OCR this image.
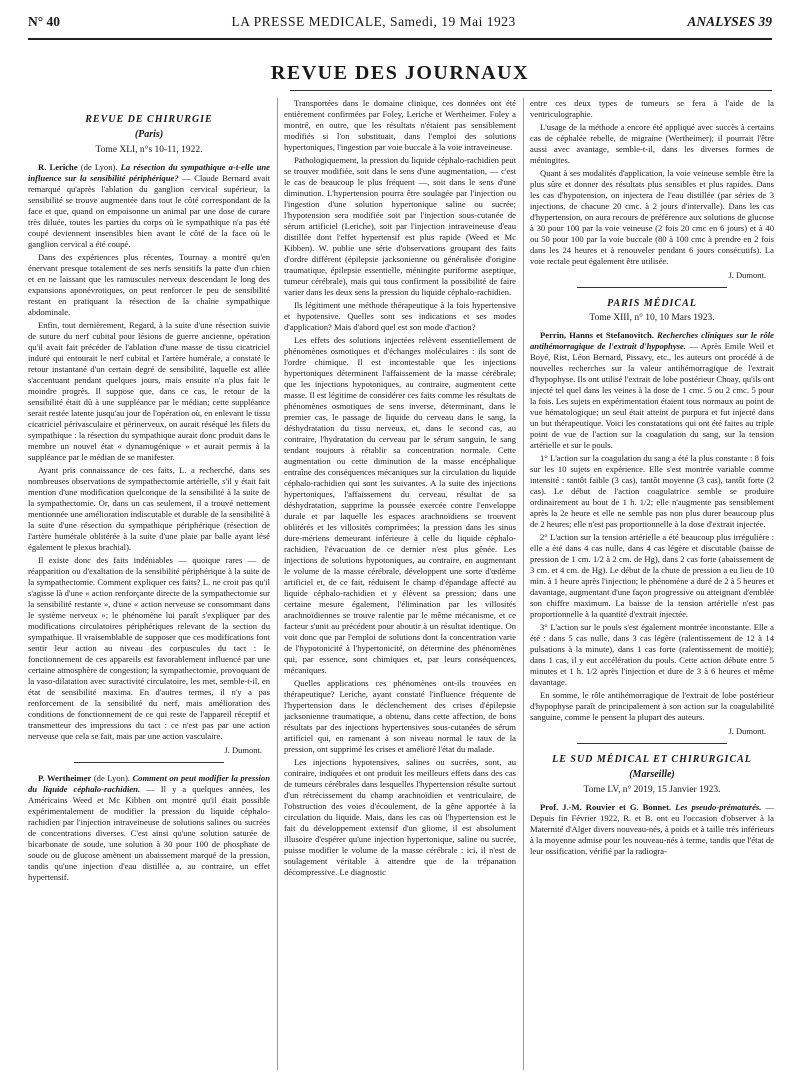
N° 40	LA PRESSE MEDICALE, Samedi, 19 Mai 1923	ANALYSES 39
REVUE DES JOURNAUX
REVUE DE CHIRURGIE
(Paris)
Tome XLI, n°s 10-11, 1922.

R. Leriche (de Lyon). La résection du sympathique a-t-elle une influence sur la sensibilité périphérique? — Claude Bernard avait remarqué qu'après l'ablation du ganglion cervical supérieur, la sensibilité se trouve augmentée dans tout le côté correspondant de la face et que, quand on empoisonne un animal par une dose de curare très diluée, toutes les parties du corps où le sympathique n'a pas été coupé deviennent insensibles bien avant le côté de la face où le ganglion cervical a été coupé.

Dans des expériences plus récentes, Tournay a montré qu'en énervant presque totalement de ses nerfs sensitifs la patte d'un chien et en ne laissant que les ramuscules nerveux descendant le long des expansions aponévrotiques, on peut renforcer le peu de sensibilité restant en pratiquant la résection de la chaîne sympathique abdominale.

Enfin, tout dernièrement, Regard, à la suite d'une résection suivie de suture du nerf cubital pour lésions de guerre ancienne, opération qu'il avait fait précéder de l'ablation d'une masse de tissu cicatriciel induré qui entourait le nerf cubital et l'artère humérale, a constaté le retour instantané d'un certain degré de sensibilité, laquelle est allée s'accentuant pendant quelques jours, mais ensuite n'a plus fait le moindre progrès. Il suppose que, dans ce cas, le retour de la sensibilité était dû à une suppléance par le médian; cette suppléance serait restée latente jusqu'au jour de l'opération où, en enlevant le tissu cicatriciel périvasculaire et périnerveux, on aurait réséqué les filets du sympathique : la résection du sympathique aurait donc produit dans le membre un nouvel état « dynamogénique » et aurait permis à la suppléance par le médian de se manifester.

Ayant pris connaissance de ces faits, L. a recherché, dans ses nombreuses observations de sympathectomie artérielle, s'il y était fait mention d'une modification quelconque de la sensibilité à la suite de la sympathectomie. Or, dans un cas seulement, il a trouvé nettement mentionnée une amélioration indiscutable et durable de la sensibilité à la suite d'une résection du sympathique périphérique (résection de l'artère humérale oblitérée à la suite d'une plaie par balle ayant lésé également le plexus brachial).

Il existe donc des faits indéniables — quoique rares — de réapparition ou d'exaltation de la sensibilité périphérique à la suite de la sympathectomie. Comment expliquer ces faits? L. ne croit pas qu'il s'agisse là d'une « action renforçante directe de la sympathectomie sur la sensibilité restante », d'une « action nerveuse se consommant dans le système nerveux »; le phénomène lui paraît s'expliquer par des modifications circulatoires périphériques relevant de la section du sympathique. Il vraisemblable de supposer que ces modifications font sentir leur action au niveau des corpuscules du tact : le fonctionnement de ces appareils est favorablement influencé par une certaine atmosphère de congestion; la sympathectomie, provoquant de la vaso-dilatation avec suractivité circulatoire, les met, semble-t-il, en état de sensibilité maxima. En d'autres termes, il n'y a pas renforcement de la sensibilité du nerf, mais amélioration des conditions de fonctionnement de ce qui reste de l'appareil réceptif et transmetteur des impressions du tact : ce n'est pas par une action nerveuse que cela se fait, mais par une action vasculaire.

J. Dumont.

P. Wertheimer (de Lyon). Comment on peut modifier la pression du liquide céphalo-rachidien. — Il y a quelques années, les Américains Weed et Mc Kibben ont montré qu'il était possible expérimentalement de modifier la pression du liquide céphalo-rachidien par l'injection intraveineuse de solutions salines ou sucrées de concentrations diverses. C'est ainsi qu'une solution saturée de bicarbonate de soude, une solution à 30 pour 100 de phosphate de soude ou de glucose amènent un abaissement marqué de la pression, tandis qu'une injection d'eau distillée a, au contraire, un effet hypertensif.

Transportées dans le domaine clinique, ces données ont été entièrement confirmées par Foley, Leriche et Wertheimer. Foley a montré, en outre, que les résultats n'étaient pas sensiblement modifiés si l'on substituait, dans l'emploi des solutions hypertoniques, l'ingestion par voie buccale à la voie intraveineuse.

Pathologiquement, la pression du liquide céphalo-rachidien peut se trouver modifiée, soit dans le sens d'une augmentation, — c'est le cas de beaucoup le plus fréquent —, soit dans le sens d'une diminution. L'hypertension pourra être soulagée par l'injection ou l'ingestion d'une solution hypertonique saline ou sucrée; l'hypotension sera modifiée soit par l'injection sous-cutanée de sérum artificiel (Leriche), soit par l'injection intraveineuse d'eau distillée dont l'effet hypertensif est plus rapide (Weed et Mc Kibben). W. publie une série d'observations groupant des faits d'ordre différent (épilepsie jacksonienne ou généralisée d'origine traumatique, épilepsie essentielle, méningite puriforme aseptique, tumeur cérébrale), mais qui tous confirment la possibilité de faire varier dans les deux sens la pression du liquide céphalo-rachidien.

Ils légitiment une méthode thérapeutique à la fois hypertensive et hypotensive. Quelles sont ses indications et ses modes d'application? Mais d'abord quel est son mode d'action?

Les effets des solutions injectées relèvent essentiellement de phénomènes osmotiques et d'échanges moléculaires : ils sont de l'ordre chimique. Il est incontestable que les injections hypertoniques déterminent l'affaissement de la masse cérébrale; que les injections hypotoniques, au contraire, augmentent cette masse. Il est légitime de considérer ces faits comme les résultats de phénomènes osmotiques de sens inverse, déterminant, dans le premier cas, le passage de liquide du cerveau dans le sang, la déshydratation du tissu nerveux, et, dans le second cas, au contraire, l'hydratation du cerveau par le sérum sanguin, le sang tendant toujours à rétablir sa concentration normale. Cette augmentation ou cette diminution de la masse encéphalique entraîne des conséquences mécaniques sur la circulation du liquide céphalo-rachidien qui sont les suivantes. A la suite des injections hypertoniques, l'affaissement du cerveau, résultat de sa déshydratation, supprime la poussée exercée contre l'enveloppe durale et par laquelle les espaces arachnoïdiens se trouvent oblitérés et les villosités comprimées; la pression dans les sinus dure-mériens demeurant inférieure à celle du liquide céphalo-rachidien, l'évacuation de ce dernier n'est plus gênée. Les injections de solutions hypotoniques, au contraire, en augmentant le volume de la masse cérébrale, développent une sorte d'œdème artificiel et, de ce fait, réduisent le champ d'épandage affecté au liquide céphalo-rachidien et y élèvent sa pression; dans une certaine mesure également, l'élimination par les villosités arachnoïdiennes se trouve ralentie par le même mécanisme, et ce facteur s'unit au précédent pour aboutir à un résultat identique. On voit donc que par l'emploi de solutions dont la concentration varie de l'hypotonicité à l'hypertonicité, on détermine des phénomènes qui, par essence, sont chimiques et, par leurs conséquences, mécaniques.

Quelles applications ces phénomènes ont-ils trouvées en thérapeutique? Leriche, ayant constaté l'influence fréquente de l'hypertension dans le déclenchement des crises d'épilepsie jacksonienne traumatique, a obtenu, dans cette affection, de bons résultats par des injections hypertensives sous-cutanées de sérum artificiel qui, en ramenant à son niveau normal le taux de la pression, ont supprimé les crises et amélioré l'état du malade.

Les injections hypotensives, salines ou sucrées, sont, au contraire, indiquées et ont produit les meilleurs effets dans des cas de tumeurs cérébrales dans lesquelles l'hypertension résulte surtout d'un rétrécissement du champ arachnoïdien et ventriculaire, de l'obstruction des voies d'écoulement, de la gêne apportée à la circulation du liquide. Mais, dans les cas où l'hypertension est le fait du développement extensif d'un gliome, il est absolument illusoire d'espérer qu'une injection hypertonique, saline ou sucrée, puisse modifier le volume de la masse cérébrale : ici, il n'est de soulagement véritable à attendre que de la trépanation décompressive. Le diagnostic

entre ces deux types de tumeurs se fera à l'aide de la ventriculographie.

L'usage de la méthode a encore été appliqué avec succès à certains cas de céphalée rebelle, de migraine (Wertheimer); il pourrait l'être aussi avec avantage, semble-t-il, dans les diverses formes de méningites.

Quant à ses modalités d'application, la voie veineuse semble être la plus sûre et donner des résultats plus sensibles et plus rapides. Dans les cas d'hypotension, on injectera de l'eau distillée (par séries de 3 injections, de chacune 20 cmc. à 2 jours d'intervalle). Dans les cas d'hypertension, on aura recours de préférence aux solutions de glucose à 30 pour 100 par la voie veineuse (2 fois 20 cmc en 6 jours) et à 40 ou 50 pour 100 par la voie buccale (80 à 100 cmc à prendre en 2 fois dans les 24 heures et à renouveler pendant 6 jours consécutifs). La voie rectale peut également être utilisée.

J. Dumont.
PARIS MÉDICAL
Tome XIII, n° 10, 10 Mars 1923.

Perrin, Hanns et Stefanovitch. Recherches cliniques sur le rôle antihémorragique de l'extrait d'hypophyse. — Après Emile Weil et Boyé, Rist, Léon Bernard, Pissavy, etc., les auteurs ont procédé à de nouvelles recherches sur la valeur antihémorragique de l'extrait d'hypophyse. Ils ont utilisé l'extrait de lobe postérieur Choay, qu'ils ont injecté tel quel dans les veines à la dose de 1 cmc. 5 ou 2 cmc. 5 pour la fois. Les sujets en expérimentation étaient tous normaux au point de vue hématologique; un seul était atteint de purpura et fut injecté dans un but thérapeutique. Voici les constatations qui ont été faites au triple point de vue de l'action sur la coagulation du sang, sur la tension artérielle et sur le pouls.

1° L'action sur la coagulation du sang a été la plus constante : 8 fois sur les 10 sujets en expérience. Elle s'est montrée variable comme intensité : tantôt faible (3 cas), tantôt moyenne (3 cas), tantôt forte (2 cas). Le début de l'action coagulatrice semble se produire ordinairement au bout de 1 h. 1/2; elle n'augmente pas sensiblement après la 2e heure et elle ne semble pas non plus durer beaucoup plus de 2 heures; elle n'est pas proportionnelle à la dose d'extrait injectée.

2° L'action sur la tension artérielle a été beaucoup plus irrégulière : elle a été dans 4 cas nulle, dans 4 cas légère et discutable (baisse de pression de 1 cm. 1/2 à 2 cm. de Hg), dans 2 cas forte (abaissement de 3 cm. et 4 cm. de Hg). Le début de la chute de pression a eu lieu de 10 min. à 1 heure après l'injection; le phénomène a duré de 2 à 5 heures et davantage, augmentant d'une façon progressive ou atteignant d'emblée son chiffre maximum. La baisse de la tension artérielle n'est pas proportionnelle à la quantité d'extrait injectée.

3° L'action sur le pouls s'est également montrée inconstante. Elle a été : dans 5 cas nulle, dans 3 cas légère (ralentissement de 12 à 14 pulsations à la minute), dans 1 cas forte (ralentissement de moitié); dans 1 cas, il y eut accélération du pouls. Cette action débute entre 5 minutes et 1 h. 1/2 après l'injection et dure de 3 à 6 heures et même davantage.

En somme, le rôle antihémorragique de l'extrait de lobe postérieur d'hypophyse paraît de principalement à son action sur la coagulabilité sanguine, comme le pensent la plupart des auteurs.

J. Dumont.
LE SUD MÉDICAL ET CHIRURGICAL
(Marseille)
Tome LV, n° 2019, 15 Janvier 1923.

Prof. J.-M. Rouvier et G. Bonnet. Les pseudo-prématurés. — Depuis fin Février 1922, R. et B. ont eu l'occasion d'observer à la Maternité d'Alger divers nouveau-nés, à poids et à taille très inférieurs à la moyenne admise pour les nouveau-nés à terme, tandis que l'état de leur ossification, vérifié par la radiogra-
